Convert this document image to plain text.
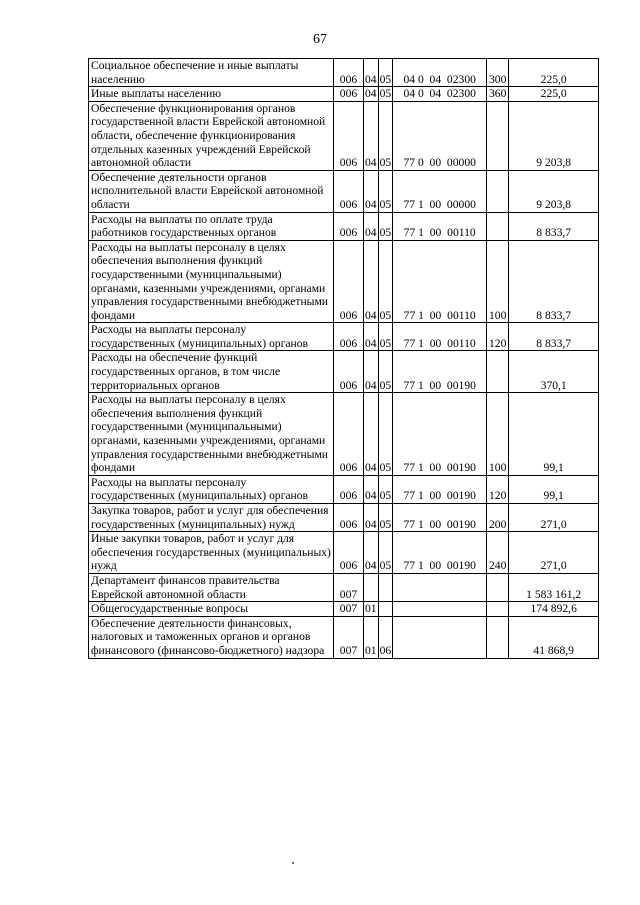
67
Социальное обеспечение и иные выплаты населению	006	04	05	04 0  04  02300	300	225,0
Иные выплаты населению	006	04	05	04 0  04  02300	360	225,0
Обеспечение функционирования органов государственной власти Еврейской автономной области, обеспечение функционирования отдельных казенных учреждений Еврейской автономной области	006	04	05	77 0  00  00000		9 203,8
Обеспечение деятельности органов исполнительной власти Еврейской автономной области	006	04	05	77 1  00  00000		9 203,8
Расходы на выплаты по оплате труда работников государственных органов	006	04	05	77 1  00  00110		8 833,7
Расходы на выплаты персоналу в целях обеспечения выполнения функций государственными (муниципальными) органами, казенными учреждениями, органами управления государственными внебюджетными фондами	006	04	05	77 1  00  00110	100	8 833,7
Расходы на выплаты персоналу государственных (муниципальных) органов	006	04	05	77 1  00  00110	120	8 833,7
Расходы на обеспечение функций государственных органов, в том числе территориальных органов	006	04	05	77 1  00  00190		370,1
Расходы на выплаты персоналу в целях обеспечения выполнения функций государственными (муниципальными) органами, казенными учреждениями, органами управления государственными внебюджетными фондами	006	04	05	77 1  00  00190	100	99,1
Расходы на выплаты персоналу государственных (муниципальных) органов	006	04	05	77 1  00  00190	120	99,1
Закупка товаров, работ и услуг для обеспечения государственных (муниципальных) нужд	006	04	05	77 1  00  00190	200	271,0
Иные закупки товаров, работ и услуг для обеспечения государственных (муниципальных) нужд	006	04	05	77 1  00  00190	240	271,0
Департамент финансов правительства Еврейской автономной области	007					1 583 161,2
Общегосударственные вопросы	007	01				174 892,6
Обеспечение деятельности финансовых, налоговых и таможенных органов и органов финансового (финансово-бюджетного) надзора	007	01	06			41 868,9
